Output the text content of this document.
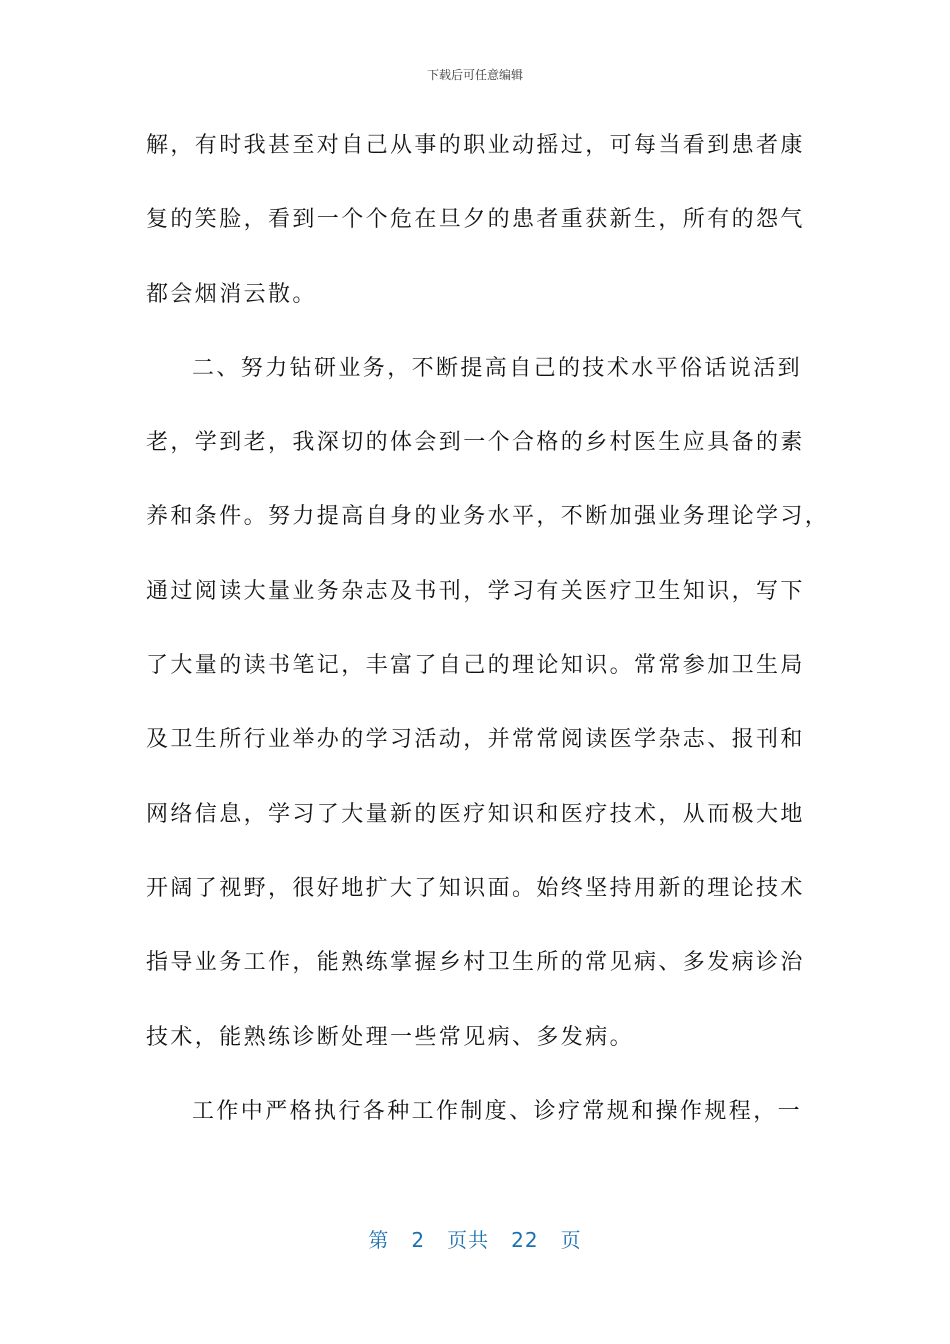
下载后可任意编辑
解，有时我甚至对自己从事的职业动摇过，可每当看到患者康
复的笑脸，看到一个个危在旦夕的患者重获新生，所有的怨气
都会烟消云散。
二、努力钻研业务，不断提高自己的技术水平俗话说活到
老，学到老，我深切的体会到一个合格的乡村医生应具备的素
养和条件。努力提高自身的业务水平，不断加强业务理论学习，
通过阅读大量业务杂志及书刊，学习有关医疗卫生知识，写下
了大量的读书笔记，丰富了自己的理论知识。常常参加卫生局
及卫生所行业举办的学习活动，并常常阅读医学杂志、报刊和
网络信息，学习了大量新的医疗知识和医疗技术，从而极大地
开阔了视野，很好地扩大了知识面。始终坚持用新的理论技术
指导业务工作，能熟练掌握乡村卫生所的常见病、多发病诊治
技术，能熟练诊断处理一些常见病、多发病。
工作中严格执行各种工作制度、诊疗常规和操作规程，一
第 2 页共 22 页
